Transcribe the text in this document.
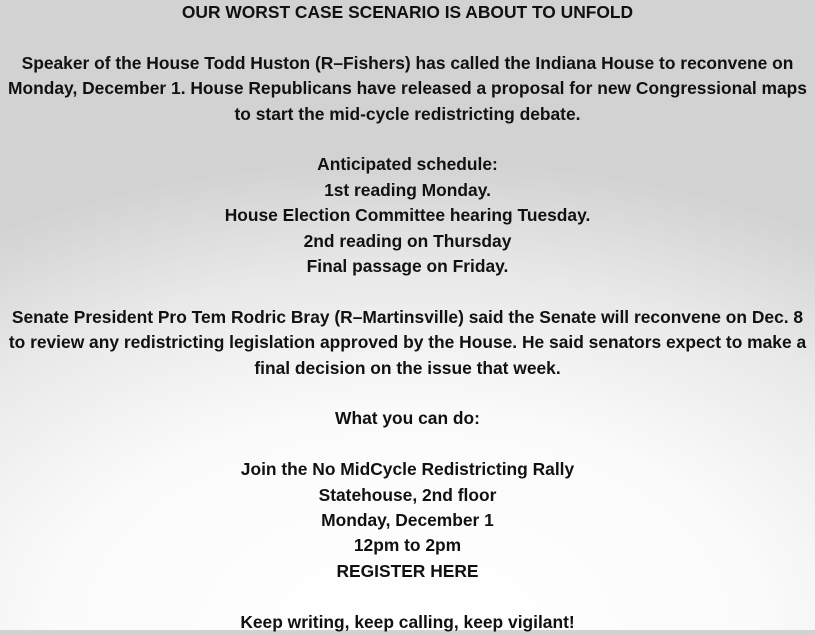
OUR WORST CASE SCENARIO IS ABOUT TO UNFOLD
Speaker of the House Todd Huston (R–Fishers) has called the Indiana House to reconvene on Monday, December 1. House Republicans have released a proposal for new Congressional maps to start the mid-cycle redistricting debate.
Anticipated schedule:
1st reading Monday.
House Election Committee hearing Tuesday.
2nd reading on Thursday
Final passage on Friday.
Senate President Pro Tem Rodric Bray (R–Martinsville) said the Senate will reconvene on Dec. 8 to review any redistricting legislation approved by the House. He said senators expect to make a final decision on the issue that week.
What you can do:
Join the No MidCycle Redistricting Rally
Statehouse, 2nd floor
Monday, December 1
12pm to 2pm
REGISTER HERE
Keep writing, keep calling, keep vigilant!
